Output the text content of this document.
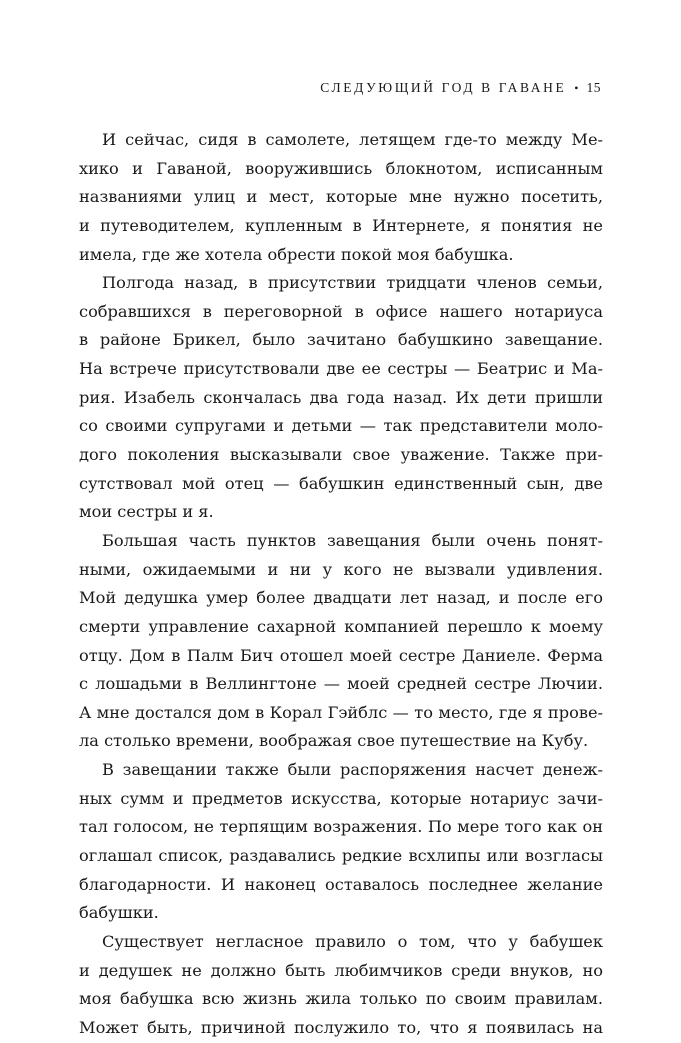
СЛЕДУЮЩИЙ ГОД В ГАВАНЕ • 15
И сейчас, сидя в самолете, летящем где-то между Ме-
хико и Гаваной, вооружившись блокнотом, исписанным
названиями улиц и мест, которые мне нужно посетить,
и путеводителем, купленным в Интернете, я понятия не
имела, где же хотела обрести покой моя бабушка.
Полгода назад, в присутствии тридцати членов семьи,
собравшихся в переговорной в офисе нашего нотариуса
в районе Брикел, было зачитано бабушкино завещание.
На встрече присутствовали две ее сестры — Беатрис и Ма-
рия. Изабель скончалась два года назад. Их дети пришли
со своими супругами и детьми — так представители моло-
дого поколения высказывали свое уважение. Также при-
сутствовал мой отец — бабушкин единственный сын, две
мои сестры и я.
Большая часть пунктов завещания были очень понят-
ными, ожидаемыми и ни у кого не вызвали удивления.
Мой дедушка умер более двадцати лет назад, и после его
смерти управление сахарной компанией перешло к моему
отцу. Дом в Палм Бич отошел моей сестре Даниеле. Ферма
с лошадьми в Веллингтоне — моей средней сестре Лючии.
А мне достался дом в Корал Гэйблс — то место, где я прове-
ла столько времени, воображая свое путешествие на Кубу.
В завещании также были распоряжения насчет денеж-
ных сумм и предметов искусства, которые нотариус зачи-
тал голосом, не терпящим возражения. По мере того как он
оглашал список, раздавались редкие всхлипы или возгласы
благодарности. И наконец оставалось последнее желание
бабушки.
Существует негласное правило о том, что у бабушек
и дедушек не должно быть любимчиков среди внуков, но
моя бабушка всю жизнь жила только по своим правилам.
Может быть, причиной послужило то, что я появилась на
